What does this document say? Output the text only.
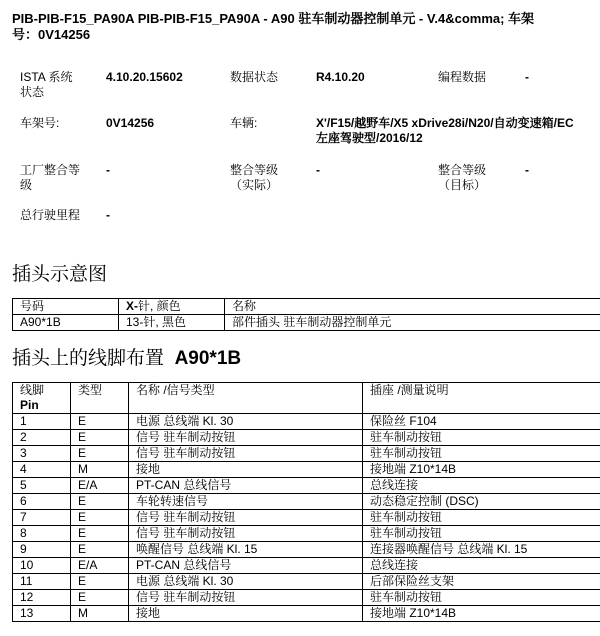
PIB-PIB-F15_PA90A PIB-PIB-F15_PA90A - A90 驻车制动器控制单元 - V.4&comma; 车架
号：0V14256
ISTA 系统
状态
4.10.20.15602	数据状态	R4.10.20	编程数据	-
车架号:	0V14256	车辆:	X'/F15/越野车/X5 xDrive28i/N20/自动变速箱/EC
左座驾驶型/2016/12
工厂整合等
级
-	整合等级
（实际）
-	整合等级
（目标）
-
总行驶里程 -
插头示意图
号码	X-针, 颜色	名称
A90*1B	13-针, 黑色	部件插头 驻车制动器控制单元
插头上的线脚布置 A90*1B
线脚
Pin	类型	名称 /信号类型	插座 /测量说明
1	E	电源 总线端 Kl. 30	保险丝 F104
2	E	信号 驻车制动按钮	驻车制动按钮
3	E	信号 驻车制动按钮	驻车制动按钮
4	M	接地	接地端 Z10*14B
5	E/A	PT-CAN 总线信号	总线连接
6	E	车轮转速信号	动态稳定控制 (DSC)
7	E	信号 驻车制动按钮	驻车制动按钮
8	E	信号 驻车制动按钮	驻车制动按钮
9	E	唤醒信号 总线端 Kl. 15	连接器唤醒信号 总线端 Kl. 15
10	E/A	PT-CAN 总线信号	总线连接
11	E	电源 总线端 Kl. 30	后部保险丝支架
12	E	信号 驻车制动按钮	驻车制动按钮
13	M	接地	接地端 Z10*14B
